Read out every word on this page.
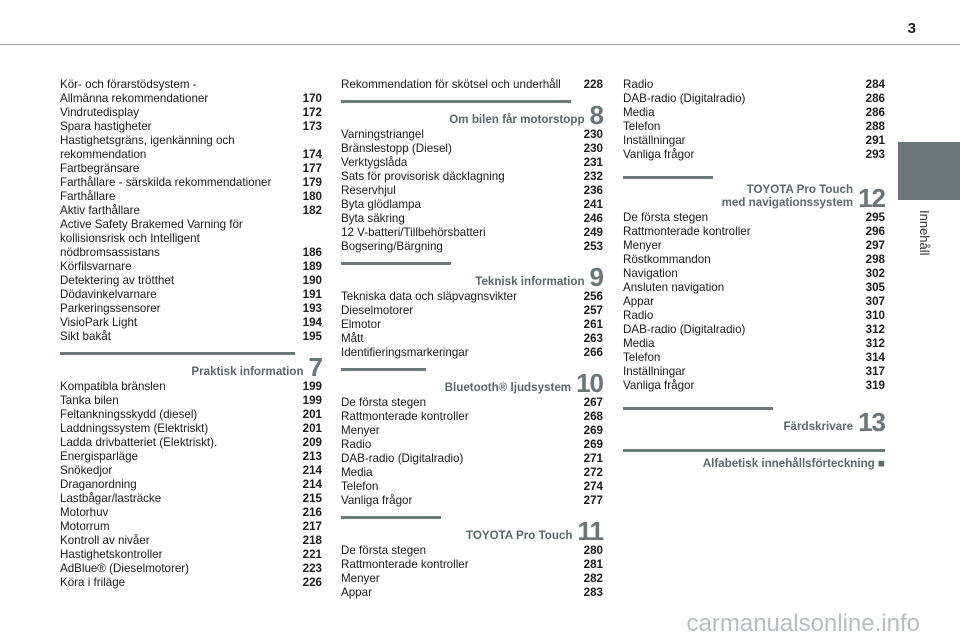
3
Innehåll
Kör- och förarstödsystem -
Allmänna rekommendationer	170
Vindrutedisplay	172
Spara hastigheter	173
Hastighetsgräns, igenkänning och
rekommendation	174
Fartbegränsare	177
Farthållare - särskilda rekommendationer	179
Farthållare	180
Aktiv farthållare	182
Active Safety Brakemed Varning för
kollisionsrisk och Intelligent
nödbromsassistans	186
Körfilsvarnare	189
Detektering av trötthet	190
Dödavinkelvarnare	191
Parkeringssensorer	193
VisioPark Light	194
Sikt bakåt	195
Praktisk information 7
Kompatibla bränslen	199
Tanka bilen	199
Feltankningsskydd (diesel)	201
Laddningssystem (Elektriskt)	201
Ladda drivbatteriet (Elektriskt).	209
Energisparläge	213
Snökedjor	214
Draganordning	214
Lastbågar/lasträcke	215
Motorhuv	216
Motorrum	217
Kontroll av nivåer	218
Hastighetskontroller	221
AdBlue® (Dieselmotorer)	223
Köra i friläge	226
Rekommendation för skötsel och underhåll	228
Om bilen får motorstopp 8
Varningstriangel	230
Bränslestopp (Diesel)	230
Verktygslåda	231
Sats för provisorisk däcklagning	232
Reservhjul	236
Byta glödlampa	241
Byta säkring	246
12 V-batteri/Tillbehörsbatteri	249
Bogsering/Bärgning	253
Teknisk information 9
Tekniska data och släpvagnsvikter	256
Dieselmotorer	257
Elmotor	261
Mått	263
Identifieringsmarkeringar	266
Bluetooth® ljudsystem 10
De första stegen	267
Rattmonterade kontroller	268
Menyer	269
Radio	269
DAB-radio (Digitalradio)	271
Media	272
Telefon	274
Vanliga frågor	277
TOYOTA Pro Touch 11
De första stegen	280
Rattmonterade kontroller	281
Menyer	282
Appar	283
Radio	284
DAB-radio (Digitalradio)	286
Media	286
Telefon	288
Inställningar	291
Vanliga frågor	293
TOYOTA Pro Touch
med navigationssystem 12
De första stegen	295
Rattmonterade kontroller	296
Menyer	297
Röstkommandon	298
Navigation	302
Ansluten navigation	305
Appar	307
Radio	310
DAB-radio (Digitalradio)	312
Media	312
Telefon	314
Inställningar	317
Vanliga frågor	319
Färdskrivare 13
Alfabetisk innehållsförteckning ■
carmanualsonline.info
